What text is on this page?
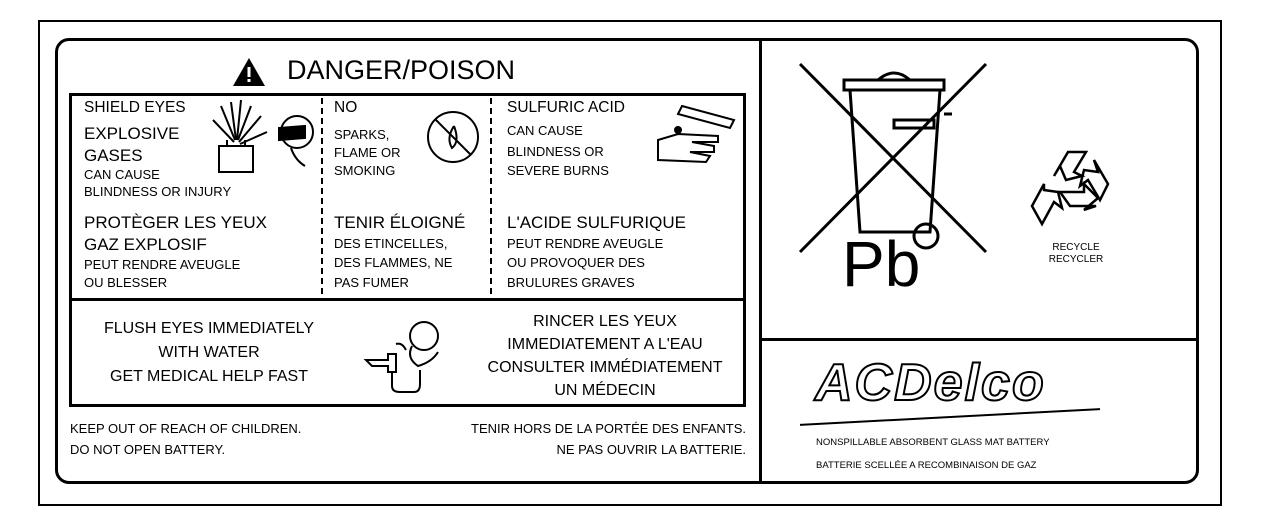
DANGER/POISON
SHIELD EYES
EXPLOSIVE
GASES
CAN CAUSE
BLINDNESS OR INJURY
PROTÈGER LES YEUX
GAZ EXPLOSIF
PEUT RENDRE AVEUGLE
OU BLESSER
NO
SPARKS,
FLAME OR
SMOKING
TENIR ÉLOIGNÉ
DES ETINCELLES,
DES FLAMMES, NE
PAS FUMER
SULFURIC ACID
CAN CAUSE
BLINDNESS OR
SEVERE BURNS
L'ACIDE SULFURIQUE
PEUT RENDRE AVEUGLE
OU PROVOQUER DES
BRULURES GRAVES
FLUSH EYES IMMEDIATELY
WITH WATER
GET MEDICAL HELP FAST
RINCER LES YEUX
IMMEDIATEMENT A L'EAU
CONSULTER IMMÉDIATEMENT
UN MÉDECIN
KEEP OUT OF REACH OF CHILDREN.
DO NOT OPEN BATTERY.
TENIR HORS DE LA PORTÉE DES ENFANTS.
NE PAS OUVRIR LA BATTERIE.
Pb	RECYCLE
RECYCLER
ACDelco
NONSPILLABLE ABSORBENT GLASS MAT BATTERY
BATTERIE SCELLÉE A RECOMBINAISON DE GAZ
